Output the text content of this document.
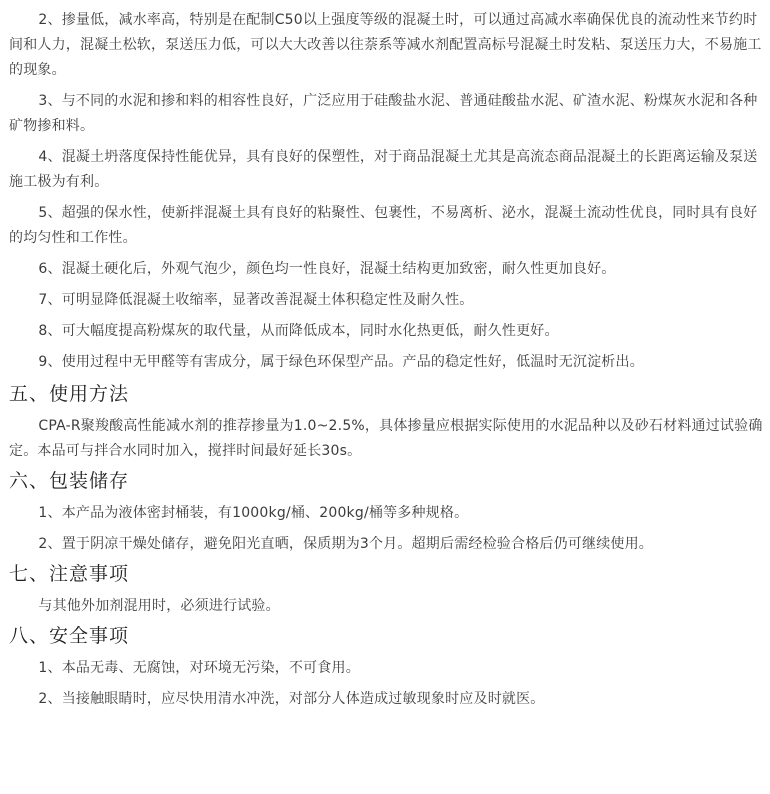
2、掺量低，减水率高，特别是在配制C50以上强度等级的混凝土时，可以通过高减水率确保优良的流动性来节约时间和人力，混凝土松软，泵送压力低，可以大大改善以往萘系等减水剂配置高标号混凝土时发粘、泵送压力大，不易施工的现象。

3、与不同的水泥和掺和料的相容性良好，广泛应用于硅酸盐水泥、普通硅酸盐水泥、矿渣水泥、粉煤灰水泥和各种矿物掺和料。

4、混凝土坍落度保持性能优异，具有良好的保塑性，对于商品混凝土尤其是高流态商品混凝土的长距离运输及泵送施工极为有利。

5、超强的保水性，使新拌混凝土具有良好的粘聚性、包裹性，不易离析、泌水，混凝土流动性优良，同时具有良好的均匀性和工作性。

6、混凝土硬化后，外观气泡少，颜色均一性良好，混凝土结构更加致密，耐久性更加良好。

7、可明显降低混凝土收缩率，显著改善混凝土体积稳定性及耐久性。

8、可大幅度提高粉煤灰的取代量，从而降低成本，同时水化热更低，耐久性更好。

9、使用过程中无甲醛等有害成分，属于绿色环保型产品。产品的稳定性好，低温时无沉淀析出。

五、使用方法

CPA-R聚羧酸高性能减水剂的推荐掺量为1.0~2.5%，具体掺量应根据实际使用的水泥品种以及砂石材料通过试验确定。本品可与拌合水同时加入，搅拌时间最好延长30s。

六、包装储存

1、本产品为液体密封桶装，有1000kg/桶、200kg/桶等多种规格。

2、置于阴凉干燥处储存，避免阳光直晒，保质期为3个月。超期后需经检验合格后仍可继续使用。

七、注意事项

与其他外加剂混用时，必须进行试验。

八、安全事项

1、本品无毒、无腐蚀，对环境无污染，不可食用。

2、当接触眼睛时，应尽快用清水冲洗，对部分人体造成过敏现象时应及时就医。
